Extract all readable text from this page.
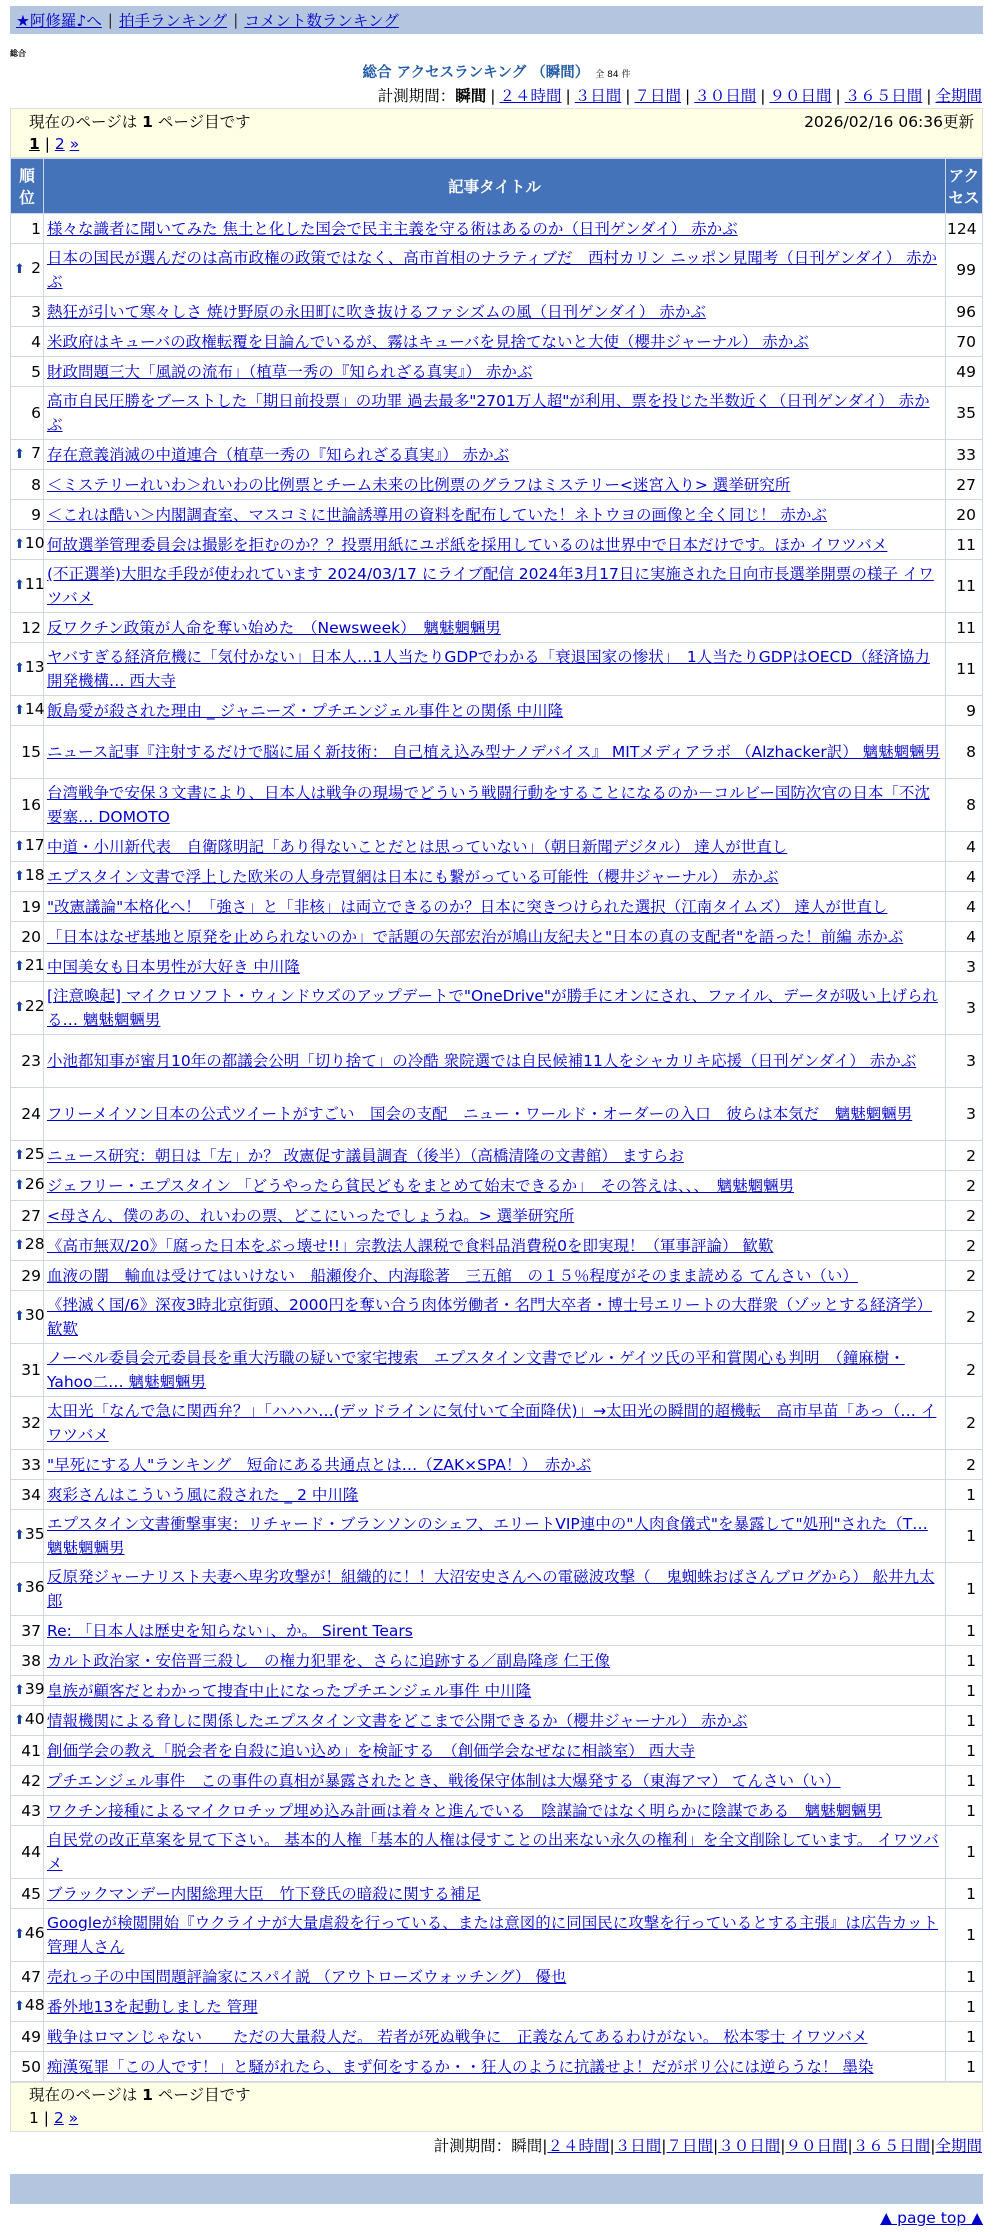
★阿修羅♪へ | 拍手ランキング | コメント数ランキング
総合
総合 アクセスランキング （瞬間） 全 84 件
計測期間：瞬間 | ２４時間 | ３日間 | ７日間 | ３０日間 | ９０日間 | ３６５日間 | 全期間
現在のページは 1 ページ目です	2026/02/16 06:36更新
1 | 2 »
順位	記事タイトル	アクセス
1	様々な識者に聞いてみた 焦土と化した国会で民主主義を守る術はあるのか（日刊ゲンダイ） 赤かぶ	124

⬆ 2	日本の国民が選んだのは高市政権の政策ではなく、高市首相のナラティブだ　西村カリン ニッポン見聞考（日刊ゲンダイ） 赤かぶ	99
3	熱狂が引いて寒々しさ 焼け野原の永田町に吹き抜けるファシズムの風（日刊ゲンダイ） 赤かぶ	96
4	米政府はキューバの政権転覆を目論んでいるが、霧はキューバを見捨てないと大使（櫻井ジャーナル） 赤かぶ	70
5	財政問題三大「風説の流布」（植草一秀の『知られざる真実』） 赤かぶ	49
6	高市自民圧勝をブーストした「期日前投票」の功罪 過去最多"2701万人超"が利用、票を投じた半数近く（日刊ゲンダイ） 赤かぶ	35

⬆ 7	存在意義消滅の中道連合（植草一秀の『知られざる真実』） 赤かぶ	33
8	＜ミステリーれいわ＞れいわの比例票とチーム未来の比例票のグラフはミステリー<迷宮入り> 選挙研究所	27
9	＜これは酷い＞内閣調査室、マスコミに世論誘導用の資料を配布していた！ネトウヨの画像と全く同じ！ 赤かぶ	20

⬆ 10	何故選挙管理委員会は撮影を拒むのか？？投票用紙にユポ紙を採用しているのは世界中で日本だけです。ほか イワツバメ	11

⬆ 11	(不正選挙)大胆な手段が使われています 2024/03/17 にライブ配信 2024年3月17日に実施された日向市長選挙開票の様子 イワツバメ	11
12	反ワクチン政策が人命を奪い始めた　（Newsweek）　魑魅魍魎男	11

⬆ 13	ヤバすぎる経済危機に「気付かない」日本人…1人当たりGDPでわかる「衰退国家の惨状」　1人当たりGDPはOECD（経済協力開発機構… 西大寺	11

⬆ 14	飯島愛が殺された理由 _ ジャニーズ・プチエンジェル事件との関係 中川隆	9
15	ニュース記事『注射するだけで脳に届く新技術： 自己植え込み型ナノデバイス』 MITメディアラボ （Alzhacker訳） 魑魅魍魎男	8
16	台湾戦争で安保３文書により、日本人は戦争の現場でどういう戦闘行動をすることになるのか－コルビー国防次官の日本「不沈要塞… DOMOTO	8

⬆ 17	中道・小川新代表　自衛隊明記「あり得ないことだとは思っていない」（朝日新聞デジタル） 達人が世直し	4

⬆ 18	エプスタイン文書で浮上した欧米の人身売買網は日本にも繋がっている可能性（櫻井ジャーナル） 赤かぶ	4
19	"改憲議論"本格化へ！「強さ」と「非核」は両立できるのか？日本に突きつけられた選択（江南タイムズ） 達人が世直し	4
20	「日本はなぜ基地と原発を止められないのか」で話題の矢部宏治が鳩山友紀夫と"日本の真の支配者"を語った！前編 赤かぶ	4

⬆ 21	中国美女も日本男性が大好き 中川隆	3

⬆ 22	[注意喚起] マイクロソフト・ウィンドウズのアップデートで"OneDrive"が勝手にオンにされ、ファイル、データが吸い上げられる… 魑魅魍魎男	3
23	小池都知事が蜜月10年の都議会公明「切り捨て」の冷酷 衆院選では自民候補11人をシャカリキ応援（日刊ゲンダイ） 赤かぶ	3
24	フリーメイソン日本の公式ツイートがすごい　国会の支配　ニュー・ワールド・オーダーの入口　彼らは本気だ　魑魅魍魎男	3

⬆ 25	ニュース研究：朝日は「左」か？ 改憲促す議員調査（後半）（高橋清隆の文書館） ますらお	2

⬆ 26	ジェフリー・エプスタイン 「どうやったら貧民どもをまとめて始末できるか」　その答えは、、、　魑魅魍魎男	2
27	<母さん、僕のあの、れいわの票、どこにいったでしょうね。> 選挙研究所	2

⬆ 28	《高市無双/20》「腐った日本をぶっ壊せ!!」宗教法人課税で食料品消費税0を即実現！（軍事評論） 歓歎	2
29	血液の闇　輸血は受けてはいけない　船瀬俊介、内海聡著　三五館　の１５％程度がそのまま読める てんさい（い）	2

⬆ 30	《挫滅く国/6》深夜3時北京街頭、2000円を奪い合う肉体労働者・名門大卒者・博士号エリートの大群衆（ゾッとする経済学） 歓歎	2
31	ノーベル委員会元委員長を重大汚職の疑いで家宅捜索　エプスタイン文書でビル・ゲイツ氏の平和賞関心も判明　（鐘麻樹・Yahoo二… 魑魅魍魎男	2
32	太田光「なんで急に関西弁？」「ハハハ…(デッドラインに気付いて全面降伏)」→太田光の瞬間的超機転　高市早苗「あっ（… イワツバメ	2
33	"早死にする人"ランキング　短命にある共通点とは…（ZAK×SPA！）　赤かぶ	2
34	爽彩さんはこういう風に殺された _ 2 中川隆	1

⬆ 35	エプスタイン文書衝撃事実：リチャード・ブランソンのシェフ、エリートVIP連中の"人肉食儀式"を暴露して"処刑"された（T… 魑魅魍魎男	1

⬆ 36	反原発ジャーナリスト夫妻へ卑劣攻撃が！組織的に！！大沼安史さんへの電磁波攻撃（　鬼蜘蛛おばさんブログから） 舩井九太郎	1
37	Re: 「日本人は歴史を知らない」、か。 Sirent Tears	1
38	カルト政治家・安倍晋三殺し　の権力犯罪を、さらに追跡する／副島隆彦 仁王像	1

⬆ 39	皇族が顧客だとわかって捜査中止になったプチエンジェル事件 中川隆	1

⬆ 40	情報機関による脅しに関係したエプスタイン文書をどこまで公開できるか（櫻井ジャーナル） 赤かぶ	1
41	創価学会の教え「脱会者を自殺に追い込め」を検証する　（創価学会なぜなに相談室） 西大寺	1
42	プチエンジェル事件　この事件の真相が暴露されたとき、戦後保守体制は大爆発する（東海アマ） てんさい（い）	1
43	ワクチン接種によるマイクロチップ埋め込み計画は着々と進んでいる　陰謀論ではなく明らかに陰謀である　魑魅魍魎男	1
44	自民党の改正草案を見て下さい。 基本的人権「基本的人権は侵すことの出来ない永久の権利」を全文削除しています。 イワツバメ	1
45	ブラックマンデー内閣総理大臣　竹下登氏の暗殺に関する補足	1

⬆ 46	Googleが検閲開始『ウクライナが大量虐殺を行っている、または意図的に同国民に攻撃を行っているとする主張』は広告カット 管理人さん	1
47	売れっ子の中国問題評論家にスパイ説 （アウトローズウォッチング） 優也	1

⬆ 48	番外地13を起動しました 管理	1
49	戦争はロマンじゃない　　ただの大量殺人だ。 若者が死ぬ戦争に　正義なんてあるわけがない。 松本零士 イワツバメ	1
50	痴漢冤罪「この人です！」と騒がれたら、まず何をするか・・狂人のように抗議せよ！だがポリ公には逆らうな！ 墨染	1
現在のページは 1 ページ目です
1 | 2 »
計測期間：瞬間|２４時間|３日間|７日間|３０日間|９０日間|３６５日間|全期間
▲ page top ▲
